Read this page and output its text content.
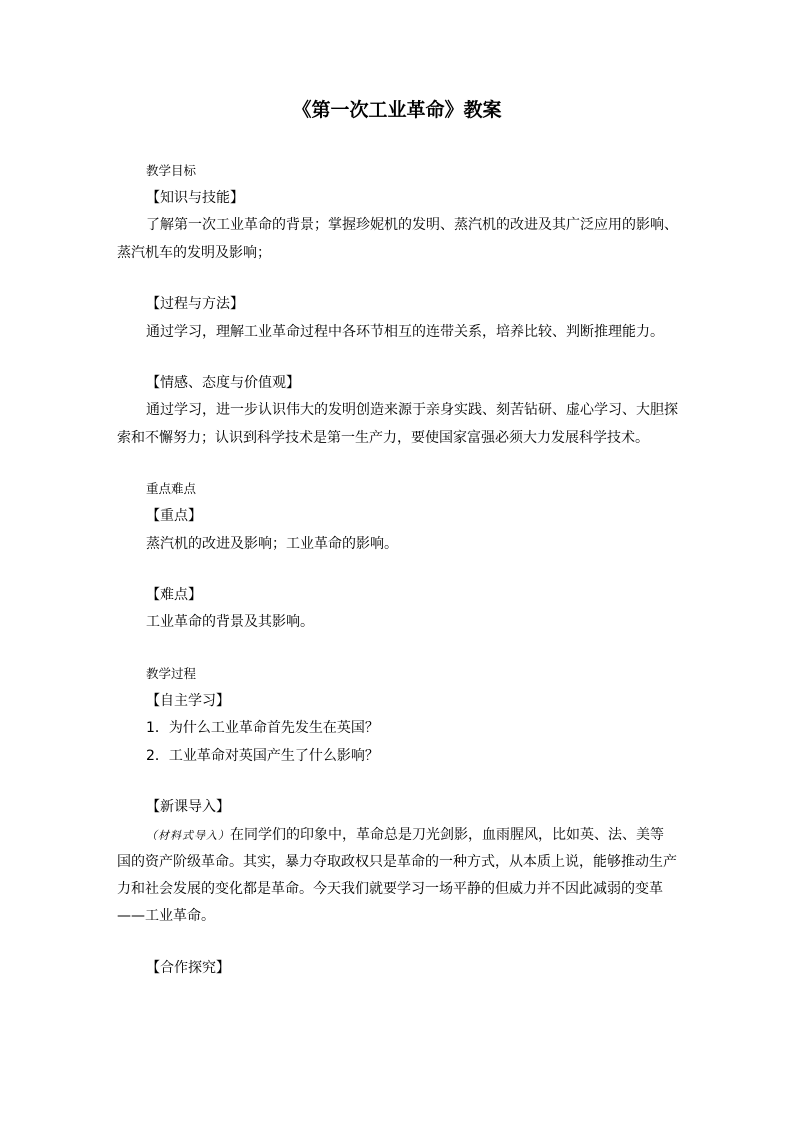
《第一次工业革命》教案
教学目标
【知识与技能】
了解第一次工业革命的背景；掌握珍妮机的发明、蒸汽机的改进及其广泛应用的影响、
蒸汽机车的发明及影响；
【过程与方法】
通过学习，理解工业革命过程中各环节相互的连带关系，培养比较、判断推理能力。
【情感、态度与价值观】
通过学习，进一步认识伟大的发明创造来源于亲身实践、刻苦钻研、虚心学习、大胆探
索和不懈努力；认识到科学技术是第一生产力，要使国家富强必须大力发展科学技术。
重点难点
【重点】
蒸汽机的改进及影响；工业革命的影响。
【难点】
工业革命的背景及其影响。
教学过程
【自主学习】
1．为什么工业革命首先发生在英国？
2．工业革命对英国产生了什么影响？
【新课导入】
（材料式导入）在同学们的印象中，革命总是刀光剑影，血雨腥风，比如英、法、美等
国的资产阶级革命。其实，暴力夺取政权只是革命的一种方式，从本质上说，能够推动生产
力和社会发展的变化都是革命。今天我们就要学习一场平静的但威力并不因此减弱的变革
——工业革命。
【合作探究】
